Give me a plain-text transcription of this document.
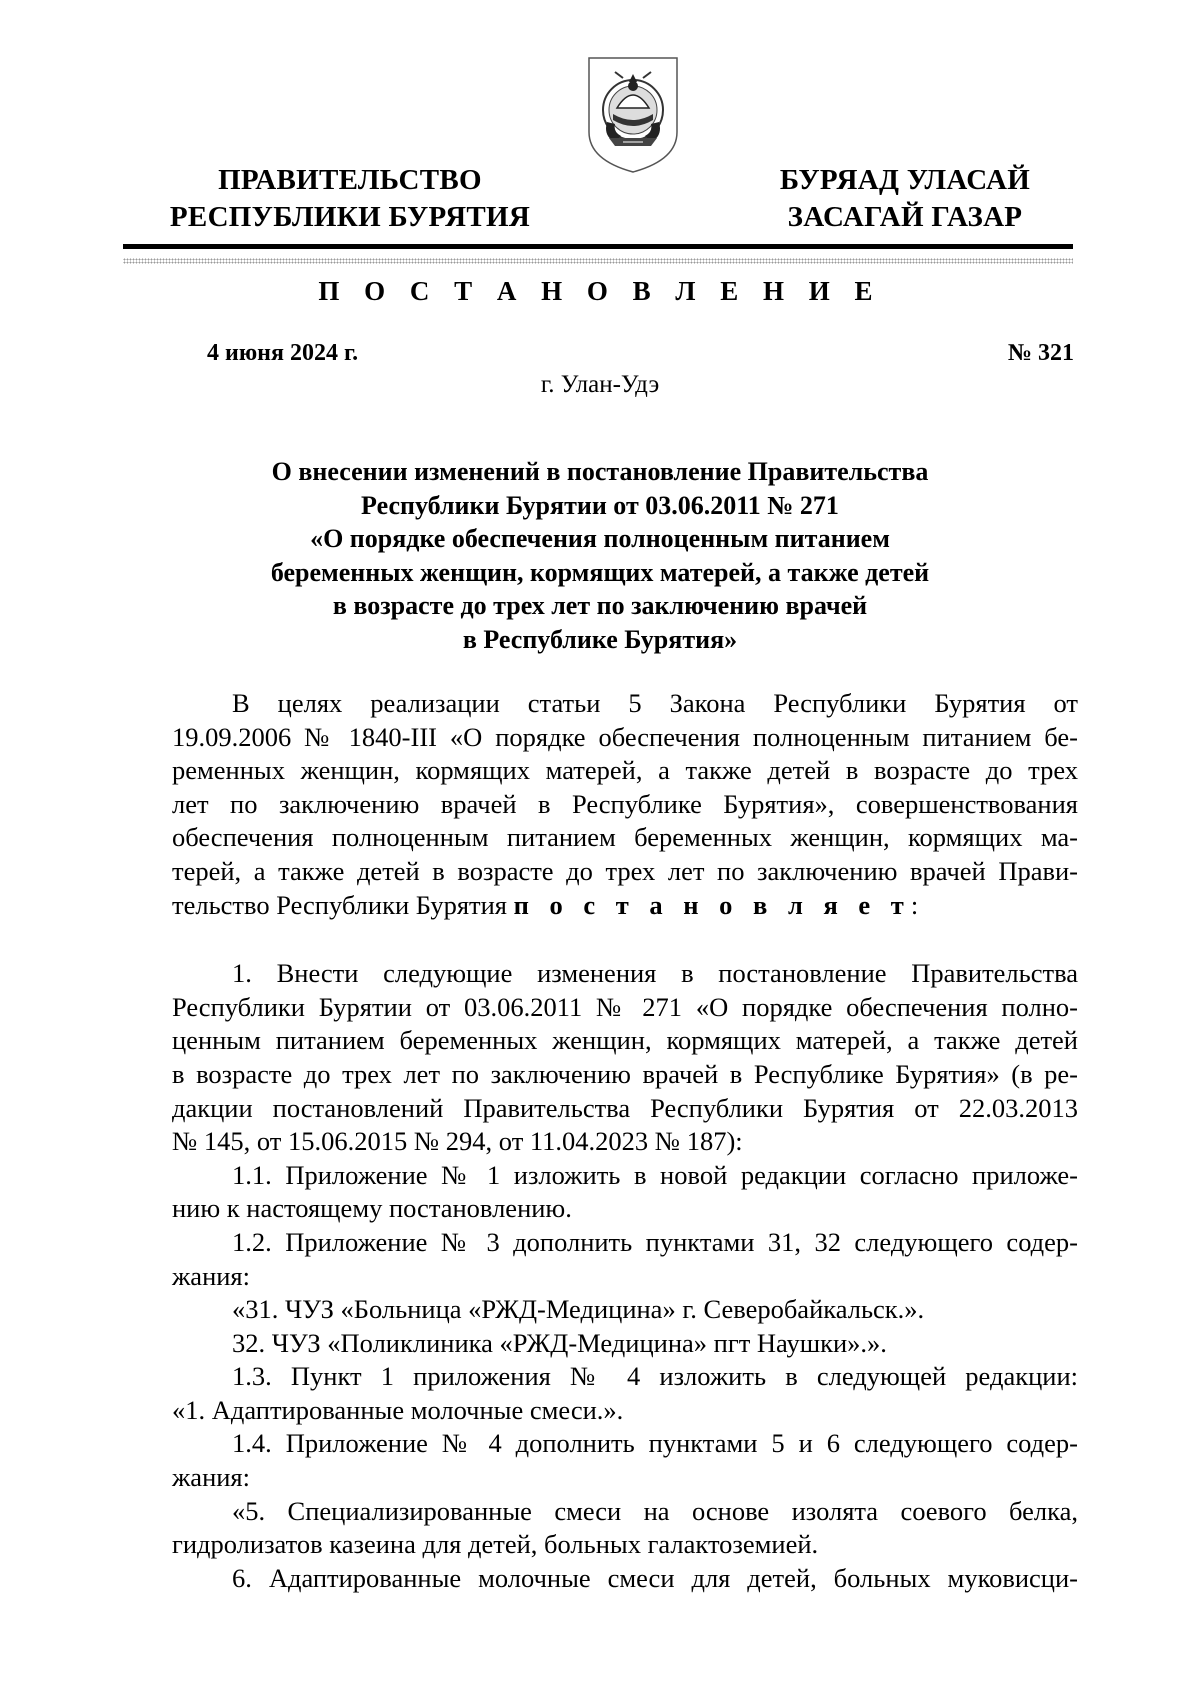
ПРАВИТЕЛЬСТВО
РЕСПУБЛИКИ БУРЯТИЯ
БУРЯАД УЛАСАЙ
ЗАСАГАЙ ГАЗАР
П О С Т А Н О В Л Е Н И Е
4 июня 2024 г.	№ 321
г. Улан-Удэ
О внесении изменений в постановление Правительства
Республики Бурятии от 03.06.2011 № 271
«О порядке обеспечения полноценным питанием
беременных женщин, кормящих матерей, а также детей
в возрасте до трех лет по заключению врачей
в Республике Бурятия»
В целях реализации статьи 5 Закона Республики Бурятия от
19.09.2006 № 1840-III «О порядке обеспечения полноценным питанием бе-
ременных женщин, кормящих матерей, а также детей в возрасте до трех
лет по заключению врачей в Республике Бурятия», совершенствования
обеспечения полноценным питанием беременных женщин, кормящих ма-
терей, а также детей в возрасте до трех лет по заключению врачей Прави-
тельство Республики Бурятия п о с т а н о в л я е т:
1. Внести следующие изменения в постановление Правительства
Республики Бурятии от 03.06.2011 № 271 «О порядке обеспечения полно-
ценным питанием беременных женщин, кормящих матерей, а также детей
в возрасте до трех лет по заключению врачей в Республике Бурятия» (в ре-
дакции постановлений Правительства Республики Бурятия от 22.03.2013
№ 145, от 15.06.2015 № 294, от 11.04.2023 № 187):
1.1. Приложение № 1 изложить в новой редакции согласно приложе-
нию к настоящему постановлению.
1.2. Приложение № 3 дополнить пунктами 31, 32 следующего содер-
жания:
«31. ЧУЗ «Больница «РЖД-Медицина» г. Северобайкальск.».
32. ЧУЗ «Поликлиника «РЖД-Медицина» пгт Наушки».».
1.3. Пункт 1 приложения № 4 изложить в следующей редакции:
«1. Адаптированные молочные смеси.».
1.4. Приложение № 4 дополнить пунктами 5 и 6 следующего содер-
жания:
«5. Специализированные смеси на основе изолята соевого белка,
гидролизатов казеина для детей, больных галактоземией.
6. Адаптированные молочные смеси для детей, больных муковисци-
